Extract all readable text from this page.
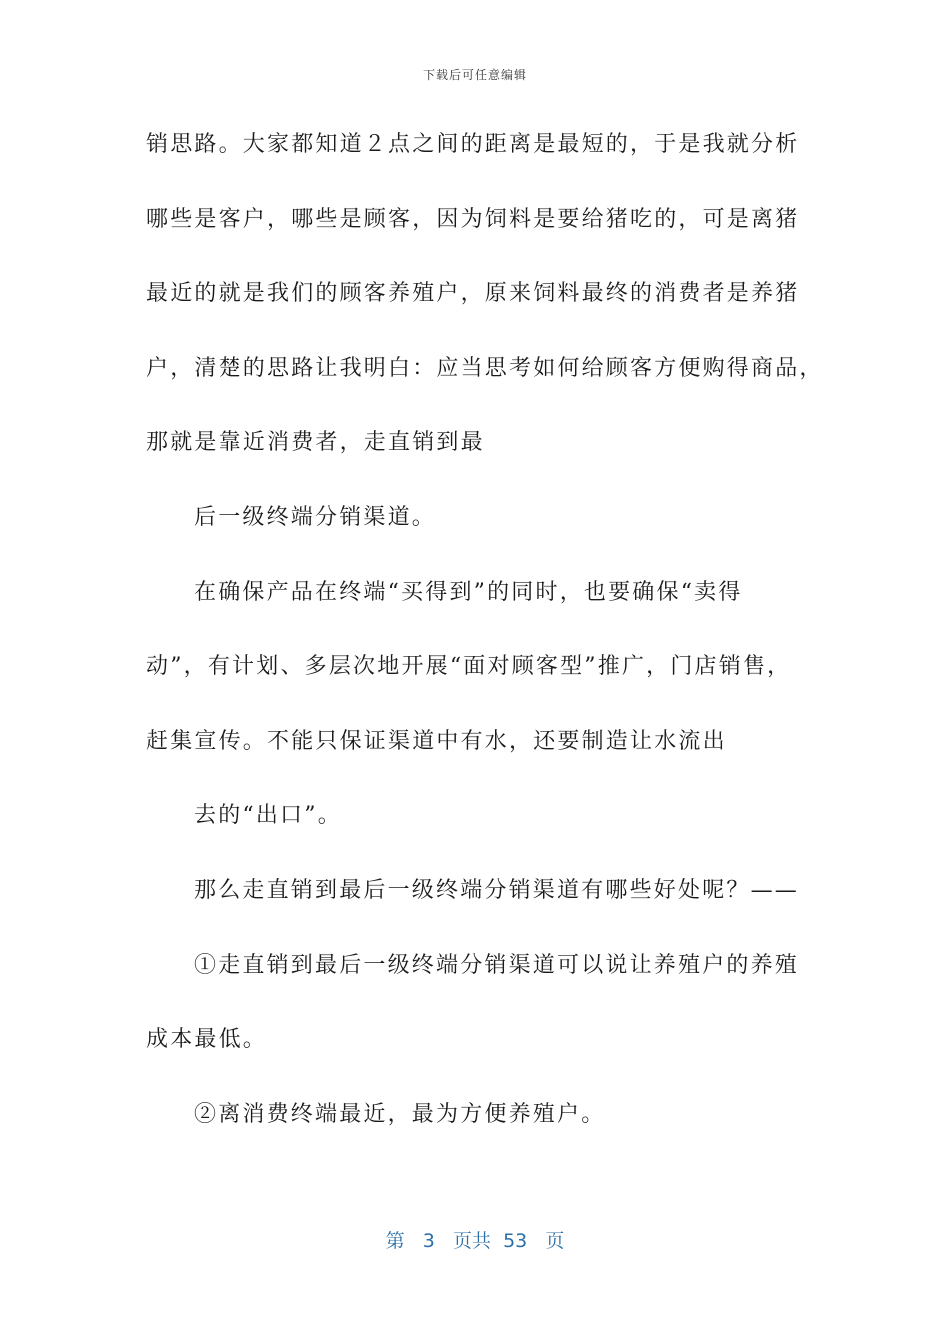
下载后可任意编辑
销思路。大家都知道２点之间的距离是最短的，于是我就分析
哪些是客户，哪些是顾客，因为饲料是要给猪吃的，可是离猪
最近的就是我们的顾客养殖户，原来饲料最终的消费者是养猪
户，清楚的思路让我明白：应当思考如何给顾客方便购得商品，
那就是靠近消费者，走直销到最
后一级终端分销渠道。
在确保产品在终端“买得到”的同时，也要确保“卖得
动”，有计划、多层次地开展“面对顾客型”推广，门店销售，
赶集宣传。不能只保证渠道中有水，还要制造让水流出
去的“出口”。
那么走直销到最后一级终端分销渠道有哪些好处呢？——
①走直销到最后一级终端分销渠道可以说让养殖户的养殖
成本最低。
②离消费终端最近，最为方便养殖户。
第 3 页共 53 页
